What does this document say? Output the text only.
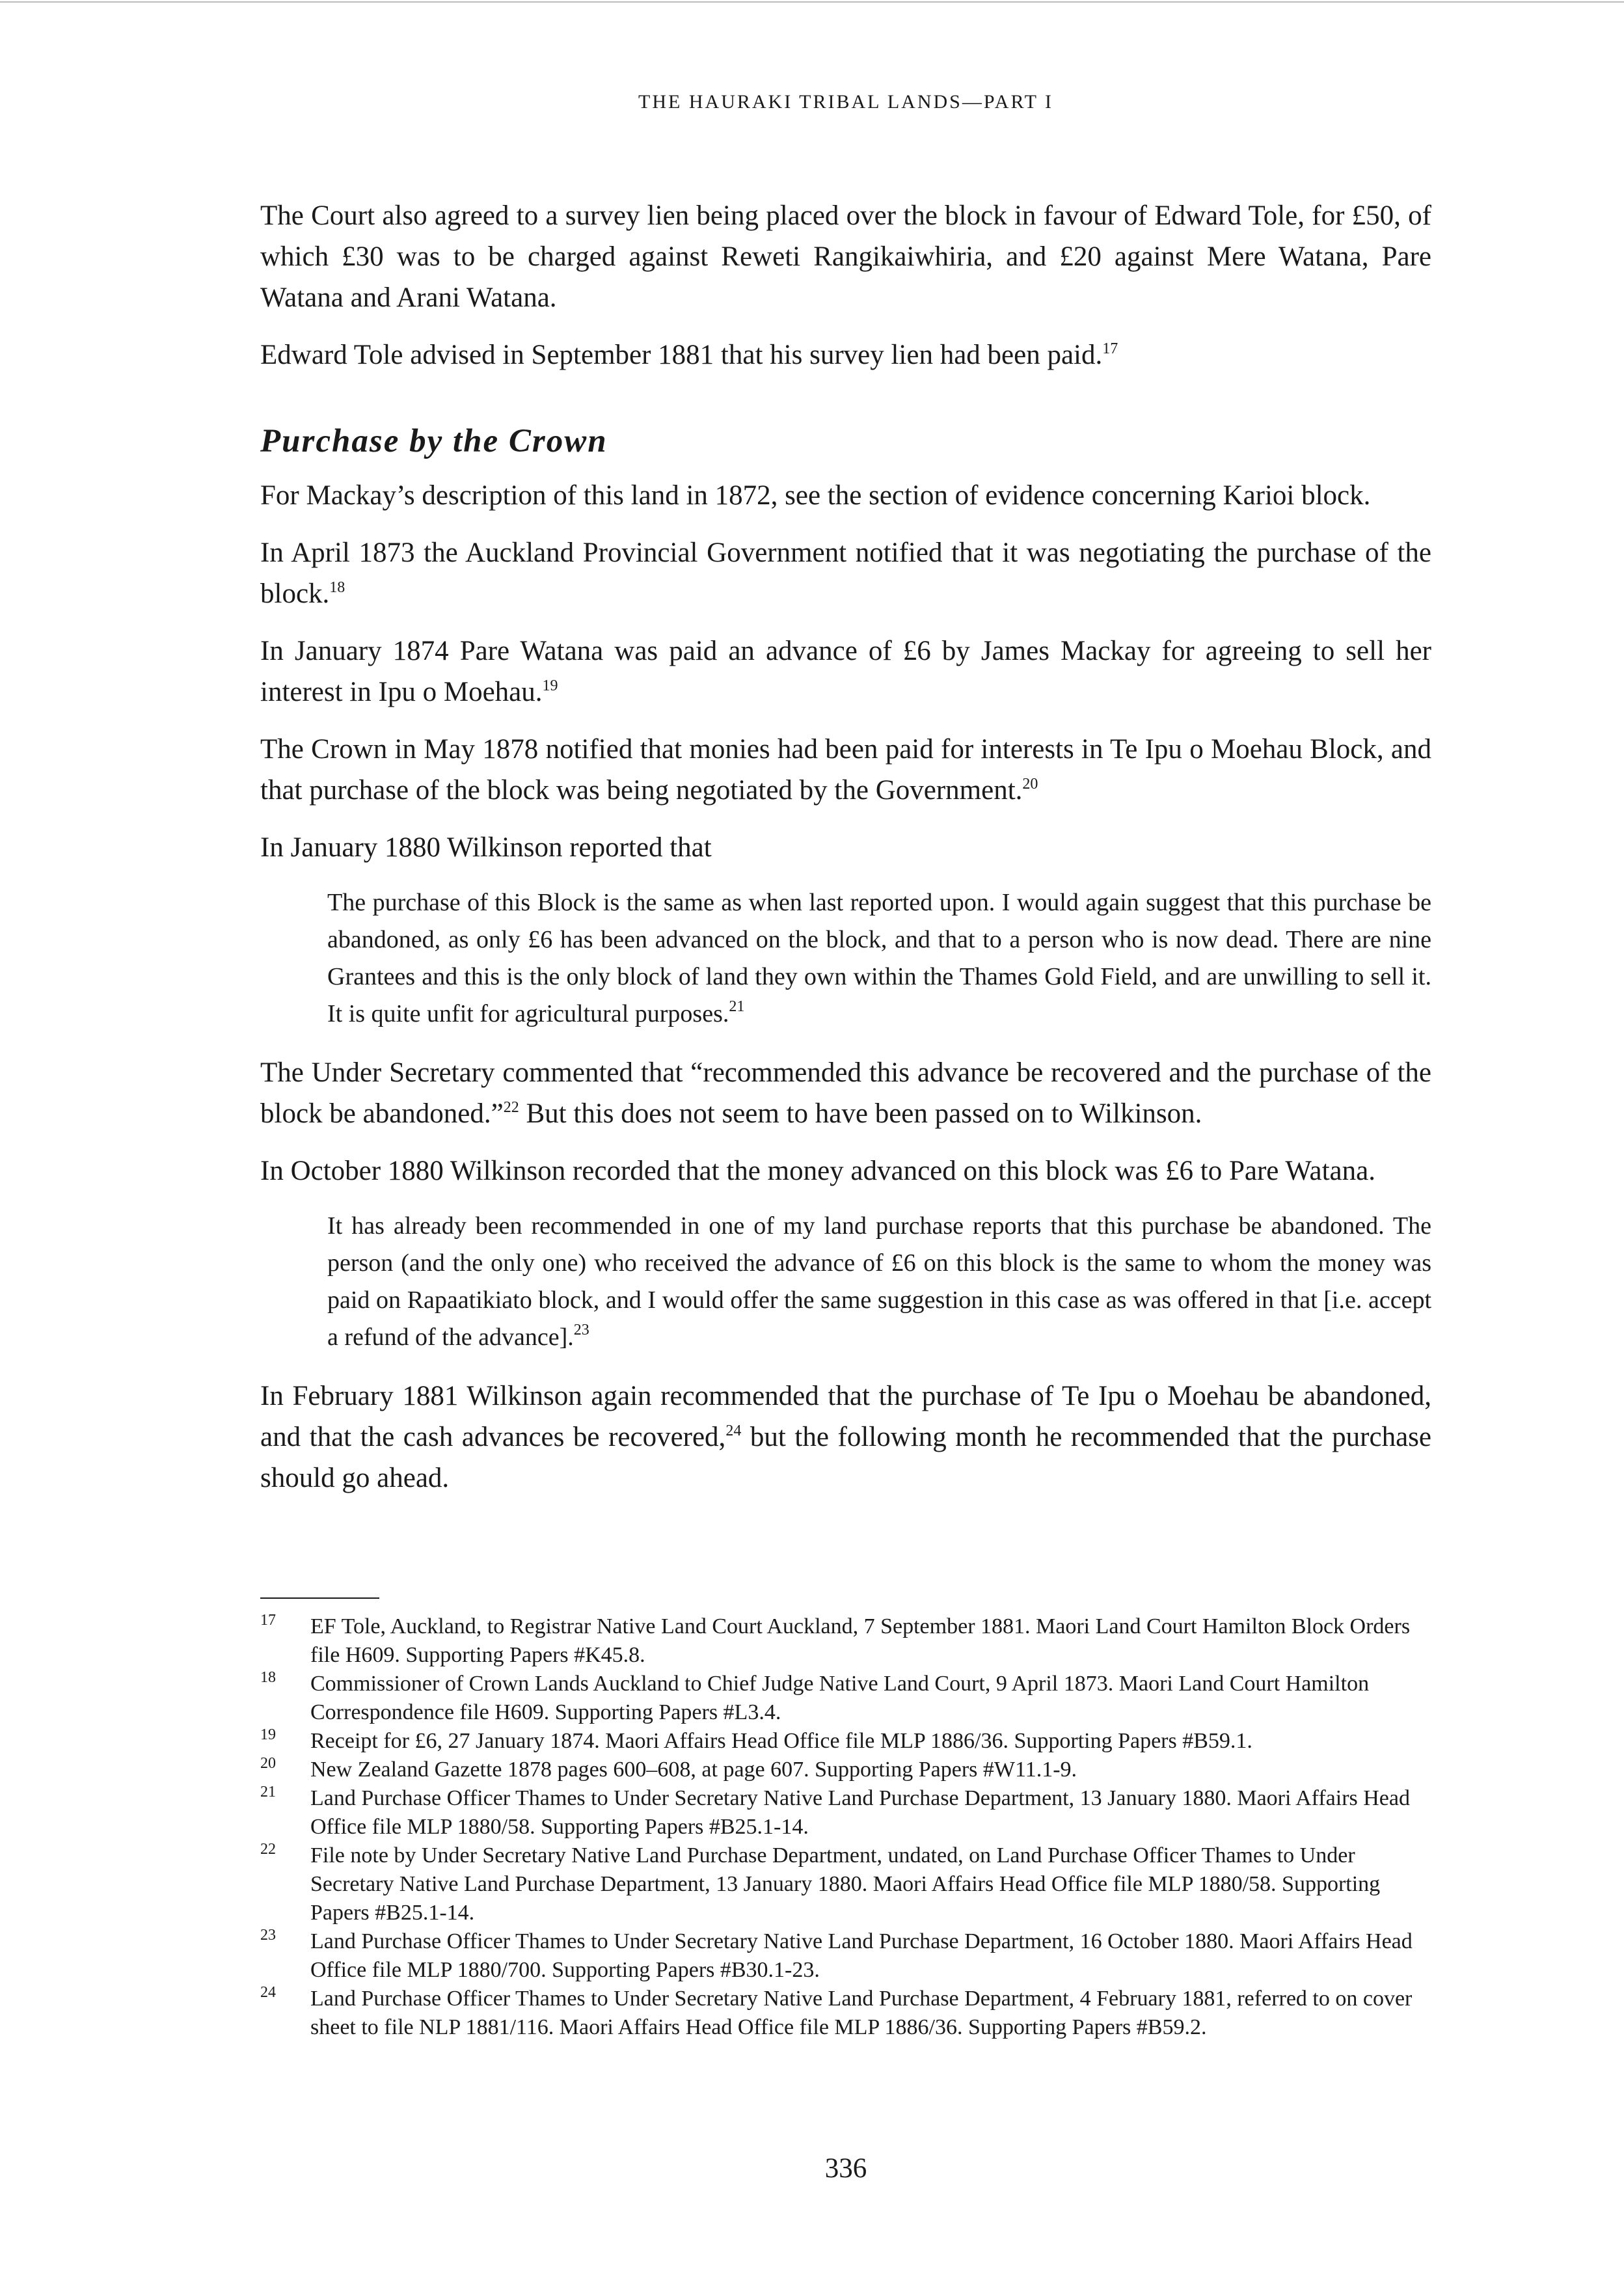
THE HAURAKI TRIBAL LANDS—PART I

The Court also agreed to a survey lien being placed over the block in favour of Edward Tole, for £50, of which £30 was to be charged against Reweti Rangikaiwhiria, and £20 against Mere Watana, Pare Watana and Arani Watana.

Edward Tole advised in September 1881 that his survey lien had been paid.$^{17}$

Purchase by the Crown

For Mackay’s description of this land in 1872, see the section of evidence concerning Karioi block.

In April 1873 the Auckland Provincial Government notified that it was negotiating the purchase of the block.$^{18}$

In January 1874 Pare Watana was paid an advance of £6 by James Mackay for agreeing to sell her interest in Ipu o Moehau.$^{19}$

The Crown in May 1878 notified that monies had been paid for interests in Te Ipu o Moehau Block, and that purchase of the block was being negotiated by the Government.$^{20}$

In January 1880 Wilkinson reported that

The purchase of this Block is the same as when last reported upon. I would again suggest that this purchase be abandoned, as only £6 has been advanced on the block, and that to a person who is now dead. There are nine Grantees and this is the only block of land they own within the Thames Gold Field, and are unwilling to sell it. It is quite unfit for agricultural purposes.$^{21}$

The Under Secretary commented that “recommended this advance be recovered and the purchase of the block be abandoned.”$^{22}$ But this does not seem to have been passed on to Wilkinson.

In October 1880 Wilkinson recorded that the money advanced on this block was £6 to Pare Watana.

It has already been recommended in one of my land purchase reports that this purchase be abandoned. The person (and the only one) who received the advance of £6 on this block is the same to whom the money was paid on Rapaatikiato block, and I would offer the same suggestion in this case as was offered in that [i.e. accept a refund of the advance].$^{23}$

In February 1881 Wilkinson again recommended that the purchase of Te Ipu o Moehau be abandoned, and that the cash advances be recovered,$^{24}$ but the following month he recommended that the purchase should go ahead.

17 EF Tole, Auckland, to Registrar Native Land Court Auckland, 7 September 1881. Maori Land Court Hamilton Block Orders file H609. Supporting Papers #K45.8.
18 Commissioner of Crown Lands Auckland to Chief Judge Native Land Court, 9 April 1873. Maori Land Court Hamilton Correspondence file H609. Supporting Papers #L3.4.
19 Receipt for £6, 27 January 1874. Maori Affairs Head Office file MLP 1886/36. Supporting Papers #B59.1.
20 New Zealand Gazette 1878 pages 600–608, at page 607. Supporting Papers #W11.1-9.
21 Land Purchase Officer Thames to Under Secretary Native Land Purchase Department, 13 January 1880. Maori Affairs Head Office file MLP 1880/58. Supporting Papers #B25.1-14.
22 File note by Under Secretary Native Land Purchase Department, undated, on Land Purchase Officer Thames to Under Secretary Native Land Purchase Department, 13 January 1880. Maori Affairs Head Office file MLP 1880/58. Supporting Papers #B25.1-14.
23 Land Purchase Officer Thames to Under Secretary Native Land Purchase Department, 16 October 1880. Maori Affairs Head Office file MLP 1880/700. Supporting Papers #B30.1-23.
24 Land Purchase Officer Thames to Under Secretary Native Land Purchase Department, 4 February 1881, referred to on cover sheet to file NLP 1881/116. Maori Affairs Head Office file MLP 1886/36. Supporting Papers #B59.2.
336
